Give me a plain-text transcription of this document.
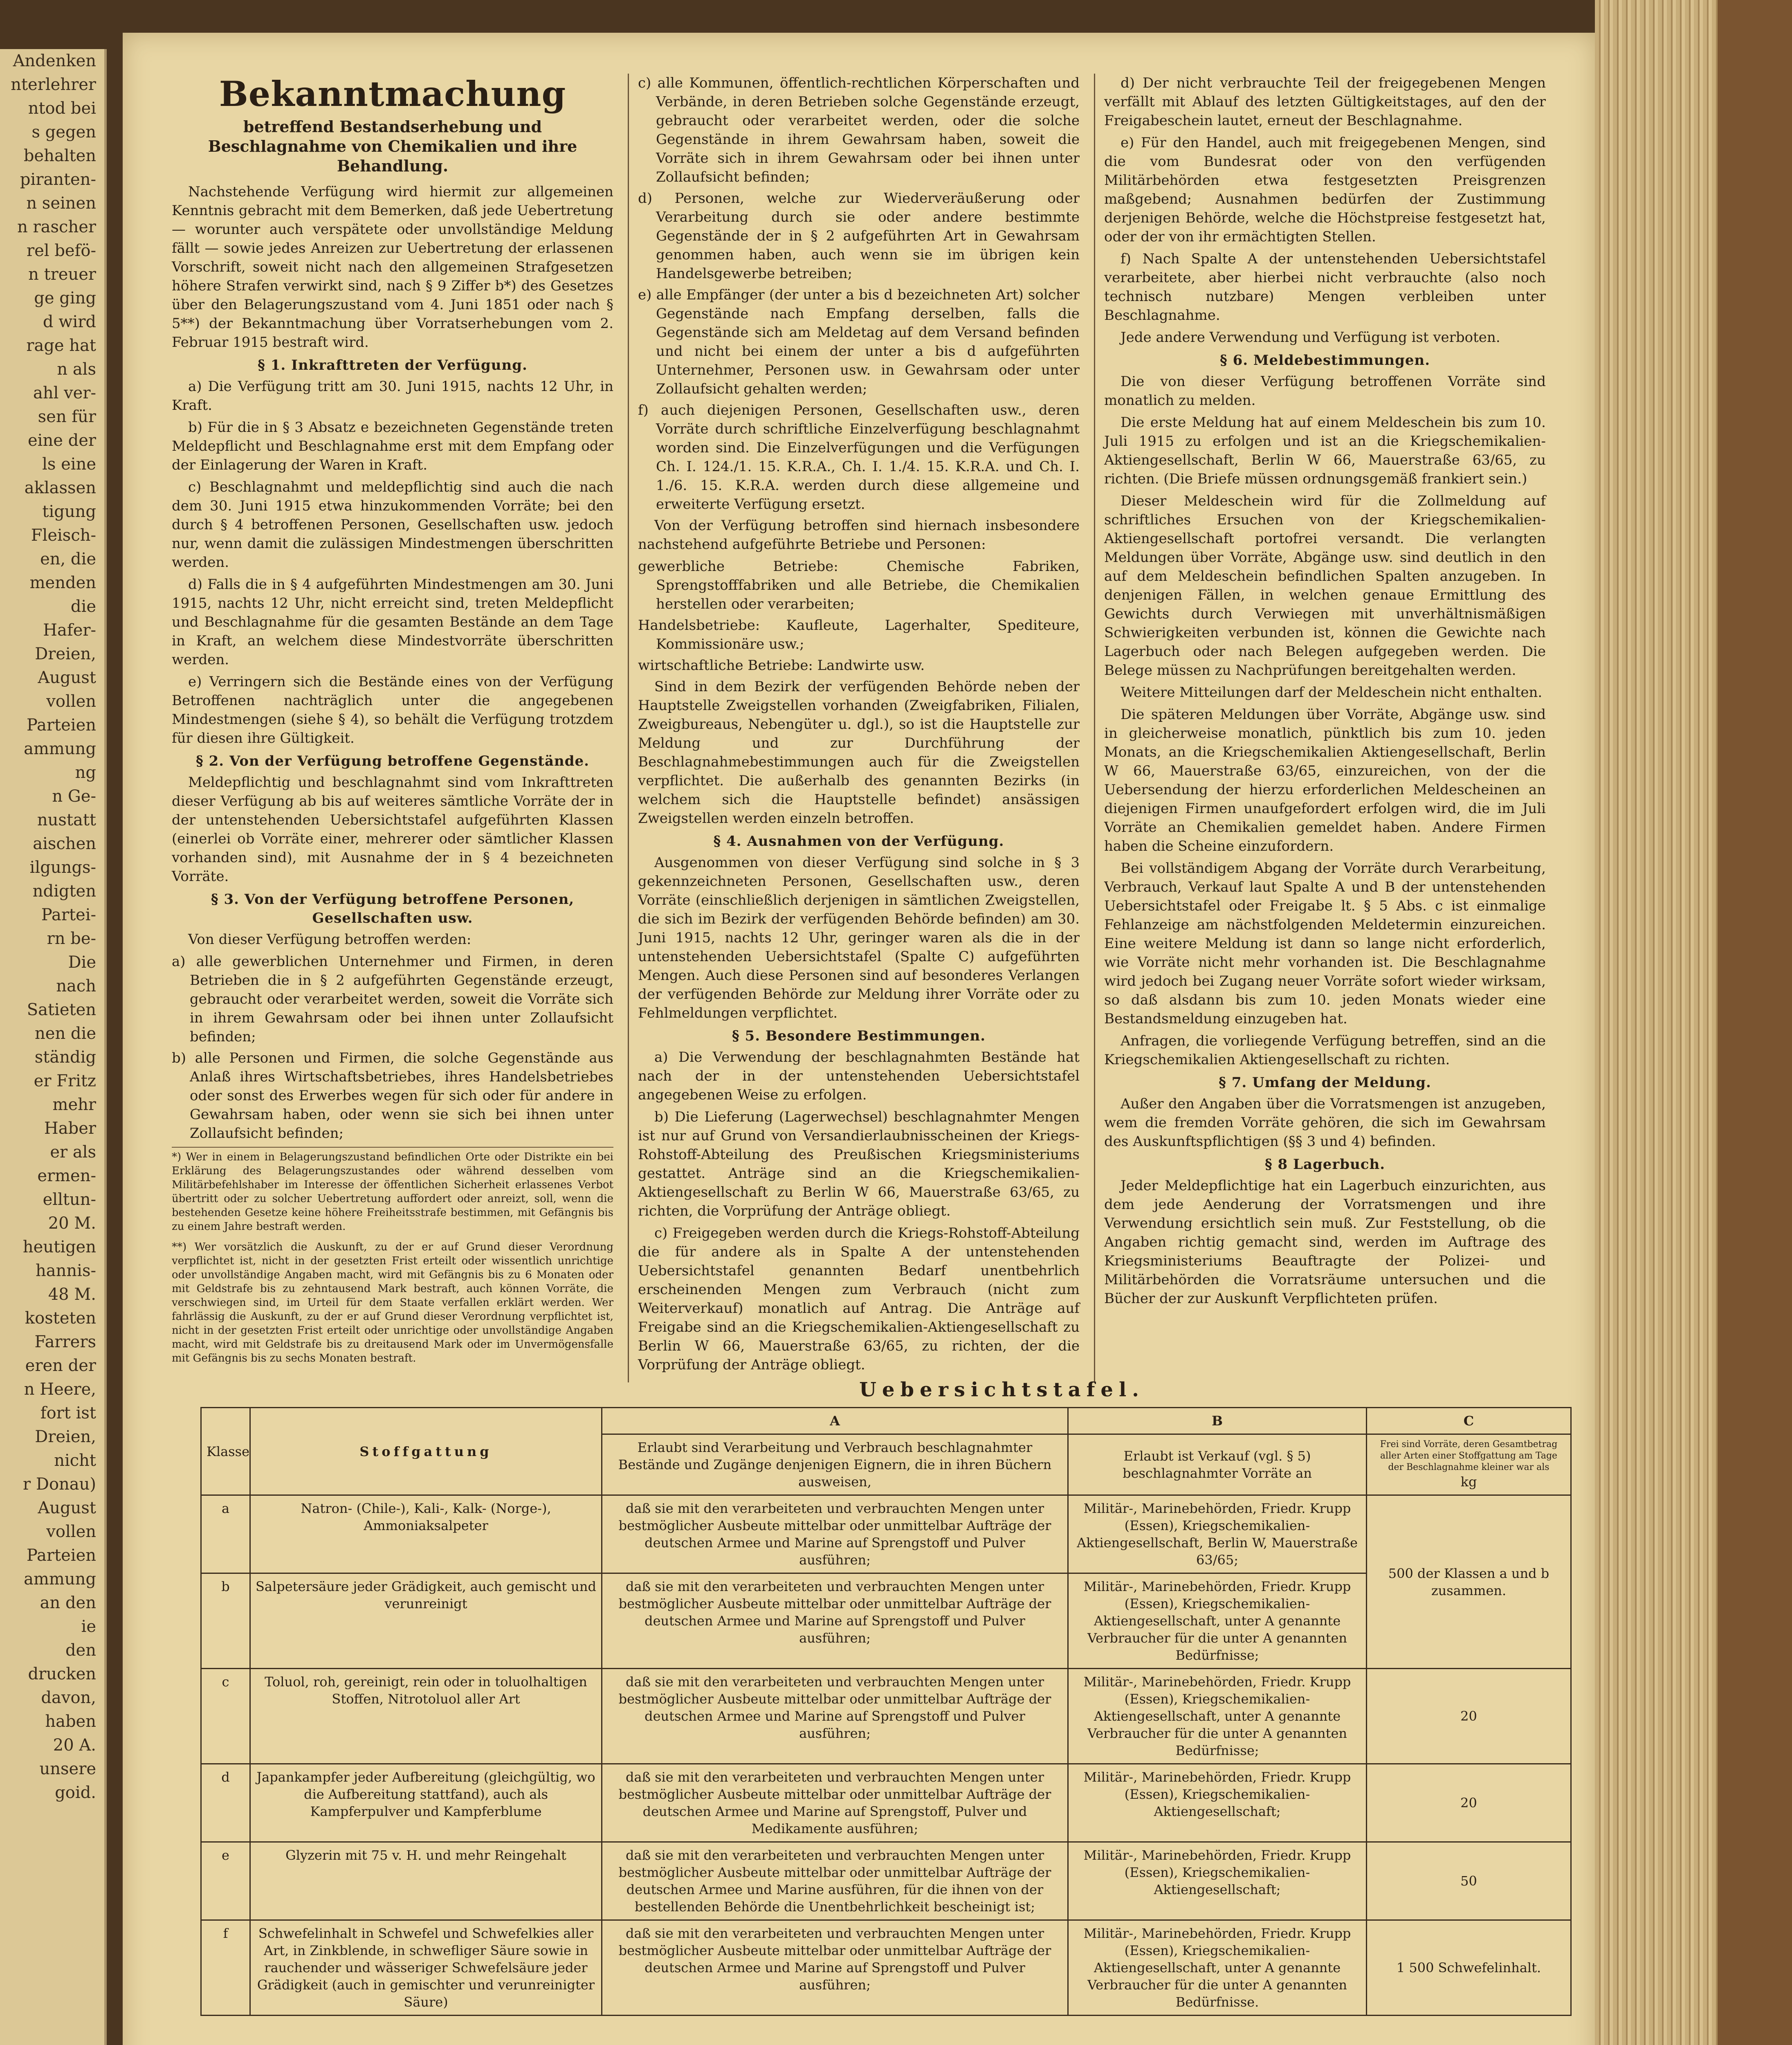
Andenken
nterlehrer
ntod bei
s gegen
behalten
piranten-
n seinen
n rascher
rel befö-
n treuer
ge ging
d wird
rage hat
n als
ahl ver-
sen für
eine der
ls eine
aklassen
tigung
Fleisch-
en, die
menden
die
Hafer-
Dreien,
August
vollen
Parteien
ammung
ng
n Ge-
nustatt
aischen
ilgungs-
ndigten
Partei-
rn be-
Die
nach
Satieten
nen die
ständig
er Fritz
mehr
Haber
er als
ermen-
elltun-
20 M.
heutigen
hannis-
48 M.
kosteten
Farrers
eren der
n Heere,
fort ist
Dreien,
nicht
r Donau)
August
vollen
Parteien
ammung
an den
ie
den
drucken
davon,
haben
20 A.
unsere
goid.
Bekanntmachung
betreffend Bestandserhebung und Beschlagnahme von Chemikalien und ihre Behandlung.

Nachstehende Verfügung wird hiermit zur allgemeinen Kenntnis gebracht mit dem Bemerken, daß jede Uebertretung — worunter auch verspätete oder unvollständige Meldung fällt — sowie jedes Anreizen zur Uebertretung der erlassenen Vorschrift, soweit nicht nach den allgemeinen Strafgesetzen höhere Strafen verwirkt sind, nach § 9 Ziffer b*) des Gesetzes über den Belagerungszustand vom 4. Juni 1851 oder nach § 5**) der Bekanntmachung über Vorratserhebungen vom 2. Februar 1915 bestraft wird.

§ 1. Inkrafttreten der Verfügung.

a) Die Verfügung tritt am 30. Juni 1915, nachts 12 Uhr, in Kraft.

b) Für die in § 3 Absatz e bezeichneten Gegenstände treten Meldepflicht und Beschlagnahme erst mit dem Empfang oder der Einlagerung der Waren in Kraft.

c) Beschlagnahmt und meldepflichtig sind auch die nach dem 30. Juni 1915 etwa hinzukommenden Vorräte; bei den durch § 4 betroffenen Personen, Gesellschaften usw. jedoch nur, wenn damit die zulässigen Mindestmengen überschritten werden.

d) Falls die in § 4 aufgeführten Mindestmengen am 30. Juni 1915, nachts 12 Uhr, nicht erreicht sind, treten Meldepflicht und Beschlagnahme für die gesamten Bestände an dem Tage in Kraft, an welchem diese Mindestvorräte überschritten werden.

e) Verringern sich die Bestände eines von der Verfügung Betroffenen nachträglich unter die angegebenen Mindestmengen (siehe § 4), so behält die Verfügung trotzdem für diesen ihre Gültigkeit.

§ 2. Von der Verfügung betroffene Gegenstände.

Meldepflichtig und beschlagnahmt sind vom Inkrafttreten dieser Verfügung ab bis auf weiteres sämtliche Vorräte der in der untenstehenden Uebersichtstafel aufgeführten Klassen (einerlei ob Vorräte einer, mehrerer oder sämtlicher Klassen vorhanden sind), mit Ausnahme der in § 4 bezeichneten Vorräte.

§ 3. Von der Verfügung betroffene Personen, Gesellschaften usw.

Von dieser Verfügung betroffen werden:

a) alle gewerblichen Unternehmer und Firmen, in deren Betrieben die in § 2 aufgeführten Gegenstände erzeugt, gebraucht oder verarbeitet werden, soweit die Vorräte sich in ihrem Gewahrsam oder bei ihnen unter Zollaufsicht befinden;

b) alle Personen und Firmen, die solche Gegenstände aus Anlaß ihres Wirtschaftsbetriebes, ihres Handelsbetriebes oder sonst des Erwerbes wegen für sich oder für andere in Gewahrsam haben, oder wenn sie sich bei ihnen unter Zollaufsicht befinden;

*) Wer in einem in Belagerungszustand befindlichen Orte oder Distrikte ein bei Erklärung des Belagerungszustandes oder während desselben vom Militärbefehlshaber im Interesse der öffentlichen Sicherheit erlassenes Verbot übertritt oder zu solcher Uebertretung auffordert oder anreizt, soll, wenn die bestehenden Gesetze keine höhere Freiheitsstrafe bestimmen, mit Gefängnis bis zu einem Jahre bestraft werden.
**) Wer vorsätzlich die Auskunft, zu der er auf Grund dieser Verordnung verpflichtet ist, nicht in der gesetzten Frist erteilt oder wissentlich unrichtige oder unvollständige Angaben macht, wird mit Gefängnis bis zu 6 Monaten oder mit Geldstrafe bis zu zehntausend Mark bestraft, auch können Vorräte, die verschwiegen sind, im Urteil für dem Staate verfallen erklärt werden. Wer fahrlässig die Auskunft, zu der er auf Grund dieser Verordnung verpflichtet ist, nicht in der gesetzten Frist erteilt oder unrichtige oder unvollständige Angaben macht, wird mit Geldstrafe bis zu dreitausend Mark oder im Unvermögensfalle mit Gefängnis bis zu sechs Monaten bestraft.

c) alle Kommunen, öffentlich-rechtlichen Körperschaften und Verbände, in deren Betrieben solche Gegenstände erzeugt, gebraucht oder verarbeitet werden, oder die solche Gegenstände in ihrem Gewahrsam haben, soweit die Vorräte sich in ihrem Gewahrsam oder bei ihnen unter Zollaufsicht befinden;

d) Personen, welche zur Wiederveräußerung oder Verarbeitung durch sie oder andere bestimmte Gegenstände der in § 2 aufgeführten Art in Gewahrsam genommen haben, auch wenn sie im übrigen kein Handelsgewerbe betreiben;

e) alle Empfänger (der unter a bis d bezeichneten Art) solcher Gegenstände nach Empfang derselben, falls die Gegenstände sich am Meldetag auf dem Versand befinden und nicht bei einem der unter a bis d aufgeführten Unternehmer, Personen usw. in Gewahrsam oder unter Zollaufsicht gehalten werden;

f) auch diejenigen Personen, Gesellschaften usw., deren Vorräte durch schriftliche Einzelverfügung beschlagnahmt worden sind. Die Einzelverfügungen und die Verfügungen Ch. I. 124./1. 15. K.R.A., Ch. I. 1./4. 15. K.R.A. und Ch. I. 1./6. 15. K.R.A. werden durch diese allgemeine und erweiterte Verfügung ersetzt.

Von der Verfügung betroffen sind hiernach insbesondere nachstehend aufgeführte Betriebe und Personen:

gewerbliche Betriebe: Chemische Fabriken, Sprengstofffabriken und alle Betriebe, die Chemikalien herstellen oder verarbeiten;

Handelsbetriebe: Kaufleute, Lagerhalter, Spediteure, Kommissionäre usw.;

wirtschaftliche Betriebe: Landwirte usw.

Sind in dem Bezirk der verfügenden Behörde neben der Hauptstelle Zweigstellen vorhanden (Zweigfabriken, Filialen, Zweigbureaus, Nebengüter u. dgl.), so ist die Hauptstelle zur Meldung und zur Durchführung der Beschlagnahmebestimmungen auch für die Zweigstellen verpflichtet. Die außerhalb des genannten Bezirks (in welchem sich die Hauptstelle befindet) ansässigen Zweigstellen werden einzeln betroffen.

§ 4. Ausnahmen von der Verfügung.

Ausgenommen von dieser Verfügung sind solche in § 3 gekennzeichneten Personen, Gesellschaften usw., deren Vorräte (einschließlich derjenigen in sämtlichen Zweigstellen, die sich im Bezirk der verfügenden Behörde befinden) am 30. Juni 1915, nachts 12 Uhr, geringer waren als die in der untenstehenden Uebersichtstafel (Spalte C) aufgeführten Mengen. Auch diese Personen sind auf besonderes Verlangen der verfügenden Behörde zur Meldung ihrer Vorräte oder zu Fehlmeldungen verpflichtet.

§ 5. Besondere Bestimmungen.

a) Die Verwendung der beschlagnahmten Bestände hat nach der in der untenstehenden Uebersichtstafel angegebenen Weise zu erfolgen.

b) Die Lieferung (Lagerwechsel) beschlagnahmter Mengen ist nur auf Grund von Versandierlaubnisscheinen der Kriegs-Rohstoff-Abteilung des Preußischen Kriegsministeriums gestattet. Anträge sind an die Kriegschemikalien-Aktiengesellschaft zu Berlin W 66, Mauerstraße 63/65, zu richten, die Vorprüfung der Anträge obliegt.

c) Freigegeben werden durch die Kriegs-Rohstoff-Abteilung die für andere als in Spalte A der untenstehenden Uebersichtstafel genannten Bedarf unentbehrlich erscheinenden Mengen zum Verbrauch (nicht zum Weiterverkauf) monatlich auf Antrag. Die Anträge auf Freigabe sind an die Kriegschemikalien-Aktiengesellschaft zu Berlin W 66, Mauerstraße 63/65, zu richten, der die Vorprüfung der Anträge obliegt.

d) Der nicht verbrauchte Teil der freigegebenen Mengen verfällt mit Ablauf des letzten Gültigkeitstages, auf den der Freigabeschein lautet, erneut der Beschlagnahme.

e) Für den Handel, auch mit freigegebenen Mengen, sind die vom Bundesrat oder von den verfügenden Militärbehörden etwa festgesetzten Preisgrenzen maßgebend; Ausnahmen bedürfen der Zustimmung derjenigen Behörde, welche die Höchstpreise festgesetzt hat, oder der von ihr ermächtigten Stellen.

f) Nach Spalte A der untenstehenden Uebersichtstafel verarbeitete, aber hierbei nicht verbrauchte (also noch technisch nutzbare) Mengen verbleiben unter Beschlagnahme.

Jede andere Verwendung und Verfügung ist verboten.

§ 6. Meldebestimmungen.

Die von dieser Verfügung betroffenen Vorräte sind monatlich zu melden.

Die erste Meldung hat auf einem Meldeschein bis zum 10. Juli 1915 zu erfolgen und ist an die Kriegschemikalien-Aktiengesellschaft, Berlin W 66, Mauerstraße 63/65, zu richten. (Die Briefe müssen ordnungsgemäß frankiert sein.)

Dieser Meldeschein wird für die Zollmeldung auf schriftliches Ersuchen von der Kriegschemikalien-Aktiengesellschaft portofrei versandt. Die verlangten Meldungen über Vorräte, Abgänge usw. sind deutlich in den auf dem Meldeschein befindlichen Spalten anzugeben. In denjenigen Fällen, in welchen genaue Ermittlung des Gewichts durch Verwiegen mit unverhältnismäßigen Schwierigkeiten verbunden ist, können die Gewichte nach Lagerbuch oder nach Belegen aufgegeben werden. Die Belege müssen zu Nachprüfungen bereitgehalten werden.

Weitere Mitteilungen darf der Meldeschein nicht enthalten.

Die späteren Meldungen über Vorräte, Abgänge usw. sind in gleicherweise monatlich, pünktlich bis zum 10. jeden Monats, an die Kriegschemikalien Aktiengesellschaft, Berlin W 66, Mauerstraße 63/65, einzureichen, von der die Uebersendung der hierzu erforderlichen Meldescheinen an diejenigen Firmen unaufgefordert erfolgen wird, die im Juli Vorräte an Chemikalien gemeldet haben. Andere Firmen haben die Scheine einzufordern.

Bei vollständigem Abgang der Vorräte durch Verarbeitung, Verbrauch, Verkauf laut Spalte A und B der untenstehenden Uebersichtstafel oder Freigabe lt. § 5 Abs. c ist einmalige Fehlanzeige am nächstfolgenden Meldetermin einzureichen. Eine weitere Meldung ist dann so lange nicht erforderlich, wie Vorräte nicht mehr vorhanden ist. Die Beschlagnahme wird jedoch bei Zugang neuer Vorräte sofort wieder wirksam, so daß alsdann bis zum 10. jeden Monats wieder eine Bestandsmeldung einzugeben hat.

Anfragen, die vorliegende Verfügung betreffen, sind an die Kriegschemikalien Aktiengesellschaft zu richten.

§ 7. Umfang der Meldung.

Außer den Angaben über die Vorratsmengen ist anzugeben, wem die fremden Vorräte gehören, die sich im Gewahrsam des Auskunftspflichtigen (§§ 3 und 4) befinden.

§ 8 Lagerbuch.

Jeder Meldepflichtige hat ein Lagerbuch einzurichten, aus dem jede Aenderung der Vorratsmengen und ihre Verwendung ersichtlich sein muß. Zur Feststellung, ob die Angaben richtig gemacht sind, werden im Auftrage des Kriegsministeriums Beauftragte der Polizei- und Militärbehörden die Vorratsräume untersuchen und die Bücher der zur Auskunft Verpflichteten prüfen.

Uebersichtstafel.
Klasse	Stoffgattung	A	B	C
		Erlaubt sind Verarbeitung und Verbrauch beschlagnahmter Bestände und Zugänge denjenigen Eignern, die in ihren Büchern ausweisen,	Erlaubt ist Verkauf (vgl. § 5) beschlagnahmter Vorräte an	Frei sind Vorräte, deren Gesamtbetrag aller Arten einer Stoffgattung am Tage der Beschlagnahme kleiner war als
kg

a	Natron- (Chile-), Kali-, Kalk- (Norge-), Ammoniaksalpeter	daß sie mit den verarbeiteten und verbrauchten Mengen unter bestmöglicher Ausbeute mittelbar oder unmittelbar Aufträge der deutschen Armee und Marine auf Sprengstoff und Pulver ausführen;	Militär-, Marinebehörden, Friedr. Krupp (Essen), Kriegschemikalien-Aktiengesellschaft, Berlin W, Mauerstraße 63/65;	500 der Klassen a und b zusammen.
b	Salpetersäure jeder Grädigkeit, auch gemischt und verunreinigt	daß sie mit den verarbeiteten und verbrauchten Mengen unter bestmöglicher Ausbeute mittelbar oder unmittelbar Aufträge der deutschen Armee und Marine auf Sprengstoff und Pulver ausführen;	Militär-, Marinebehörden, Friedr. Krupp (Essen), Kriegschemikalien-Aktiengesellschaft, unter A genannte Verbraucher für die unter A genannten Bedürfnisse;	
c	Toluol, roh, gereinigt, rein oder in toluolhaltigen Stoffen, Nitrotoluol aller Art	daß sie mit den verarbeiteten und verbrauchten Mengen unter bestmöglicher Ausbeute mittelbar oder unmittelbar Aufträge der deutschen Armee und Marine auf Sprengstoff und Pulver ausführen;	Militär-, Marinebehörden, Friedr. Krupp (Essen), Kriegschemikalien-Aktiengesellschaft, unter A genannte Verbraucher für die unter A genannten Bedürfnisse;	20
d	Japankampfer jeder Aufbereitung (gleichgültig, wo die Aufbereitung stattfand), auch als Kampferpulver und Kampferblume	daß sie mit den verarbeiteten und verbrauchten Mengen unter bestmöglicher Ausbeute mittelbar oder unmittelbar Aufträge der deutschen Armee und Marine auf Sprengstoff, Pulver und Medikamente ausführen;	Militär-, Marinebehörden, Friedr. Krupp (Essen), Kriegschemikalien-Aktiengesellschaft;	20
e	Glyzerin mit 75 v. H. und mehr Reingehalt	daß sie mit den verarbeiteten und verbrauchten Mengen unter bestmöglicher Ausbeute mittelbar oder unmittelbar Aufträge der deutschen Armee und Marine ausführen, für die ihnen von der bestellenden Behörde die Unentbehrlichkeit bescheinigt ist;	Militär-, Marinebehörden, Friedr. Krupp (Essen), Kriegschemikalien-Aktiengesellschaft;	50
f	Schwefelinhalt in Schwefel und Schwefelkies aller Art, in Zinkblende, in schwefliger Säure sowie in rauchender und wässeriger Schwefelsäure jeder Grädigkeit (auch in gemischter und verunreinigter Säure)	daß sie mit den verarbeiteten und verbrauchten Mengen unter bestmöglicher Ausbeute mittelbar oder unmittelbar Aufträge der deutschen Armee und Marine auf Sprengstoff und Pulver ausführen;	Militär-, Marinebehörden, Friedr. Krupp (Essen), Kriegschemikalien-Aktiengesellschaft, unter A genannte Verbraucher für die unter A genannten Bedürfnisse.	1 500 Schwefelinhalt.
